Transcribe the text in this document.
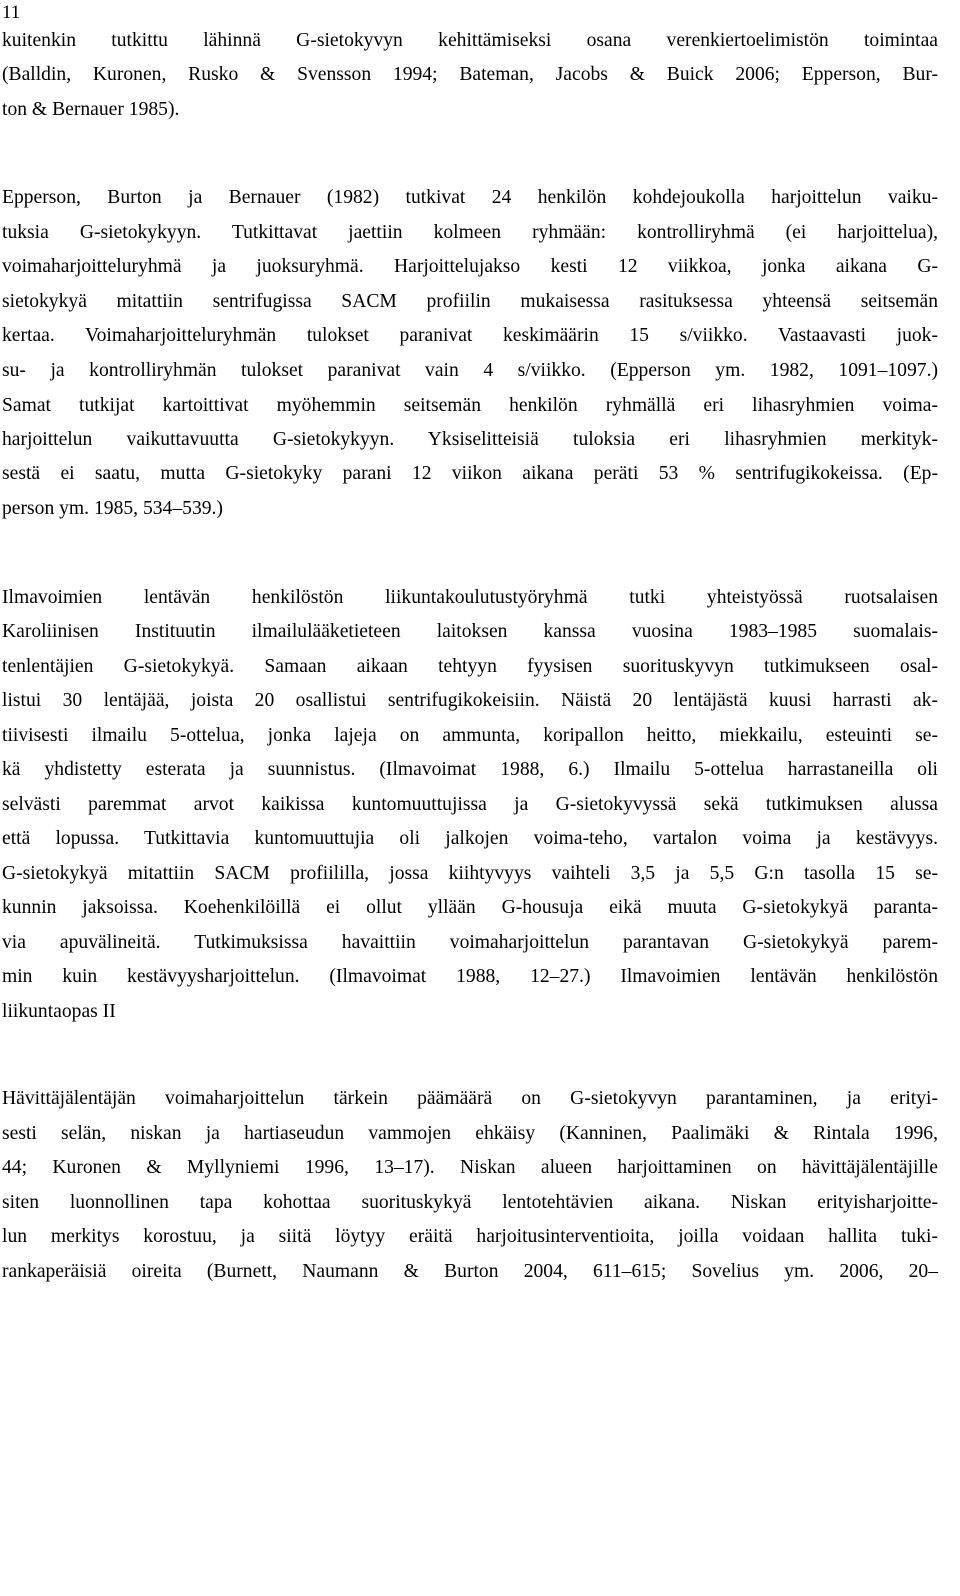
11

kuitenkin tutkittu lähinnä G-sietokyvyn kehittämiseksi osana verenkiertoelimistön toimintaa

(Balldin, Kuronen, Rusko & Svensson 1994; Bateman, Jacobs & Buick 2006; Epperson, Bur-

ton & Bernauer 1985).

Epperson, Burton ja Bernauer (1982) tutkivat 24 henkilön kohdejoukolla harjoittelun vaiku-

tuksia G-sietokykyyn. Tutkittavat jaettiin kolmeen ryhmään: kontrolliryhmä (ei harjoittelua),

voimaharjoitteluryhmä ja juoksuryhmä. Harjoittelujakso kesti 12 viikkoa, jonka aikana G-

sietokykyä mitattiin sentrifugissa SACM profiilin mukaisessa rasituksessa yhteensä seitsemän

kertaa. Voimaharjoitteluryhmän tulokset paranivat keskimäärin 15 s/viikko. Vastaavasti juok-

su- ja kontrolliryhmän tulokset paranivat vain 4 s/viikko. (Epperson ym. 1982, 1091–1097.)

Samat tutkijat kartoittivat myöhemmin seitsemän henkilön ryhmällä eri lihasryhmien voima-

harjoittelun vaikuttavuutta G-sietokykyyn. Yksiselitteisiä tuloksia eri lihasryhmien merkityk-

sestä ei saatu, mutta G-sietokyky parani 12 viikon aikana peräti 53 % sentrifugikokeissa. (Ep-

person ym. 1985, 534–539.)

Ilmavoimien lentävän henkilöstön liikuntakoulutustyöryhmä tutki yhteistyössä ruotsalaisen

Karoliinisen Instituutin ilmailulääketieteen laitoksen kanssa vuosina 1983–1985 suomalais-

tenlentäjien G-sietokykyä. Samaan aikaan tehtyyn fyysisen suorituskyvyn tutkimukseen osal-

listui 30 lentäjää, joista 20 osallistui sentrifugikokeisiin. Näistä 20 lentäjästä kuusi harrasti ak-

tiivisesti ilmailu 5-ottelua, jonka lajeja on ammunta, koripallon heitto, miekkailu, esteuinti se-

kä yhdistetty esterata ja suunnistus. (Ilmavoimat 1988, 6.) Ilmailu 5-ottelua harrastaneilla oli

selvästi paremmat arvot kaikissa kuntomuuttujissa ja G-sietokyvyssä sekä tutkimuksen alussa

että lopussa. Tutkittavia kuntomuuttujia oli jalkojen voima-teho, vartalon voima ja kestävyys.

G-sietokykyä mitattiin SACM profiililla, jossa kiihtyvyys vaihteli 3,5 ja 5,5 G:n tasolla 15 se-

kunnin jaksoissa. Koehenkilöillä ei ollut yllään G-housuja eikä muuta G-sietokykyä paranta-

via apuvälineitä. Tutkimuksissa havaittiin voimaharjoittelun parantavan G-sietokykyä parem-

min kuin kestävyysharjoittelun. (Ilmavoimat 1988, 12–27.) Ilmavoimien lentävän henkilöstön

liikuntaopas II

Hävittäjälentäjän voimaharjoittelun tärkein päämäärä on G-sietokyvyn parantaminen, ja erityi-

sesti selän, niskan ja hartiaseudun vammojen ehkäisy (Kanninen, Paalimäki & Rintala 1996,

44; Kuronen & Myllyniemi 1996, 13–17). Niskan alueen harjoittaminen on hävittäjälentäjille

siten luonnollinen tapa kohottaa suorituskykyä lentotehtävien aikana. Niskan erityisharjoitte-

lun merkitys korostuu, ja siitä löytyy eräitä harjoitusinterventioita, joilla voidaan hallita tuki-

rankaperäisiä oireita (Burnett, Naumann & Burton 2004, 611–615; Sovelius ym. 2006, 20–
